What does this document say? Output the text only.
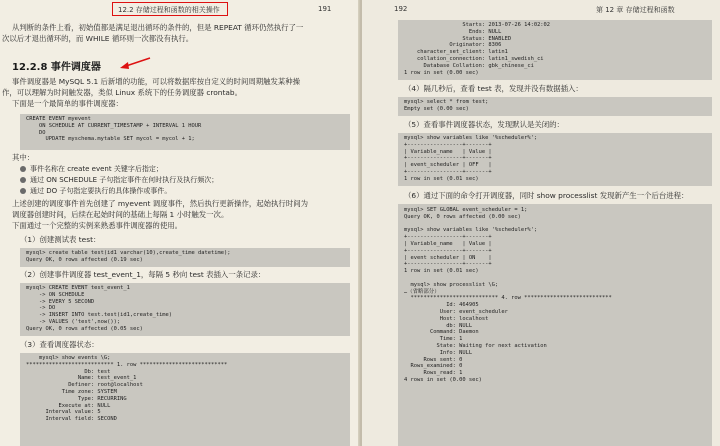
12.2 存储过程和函数的相关操作	191
从判断的条件上看，初始值都是满足退出循环的条件的，但是 REPEAT 循环仍然执行了一
次以后才退出循环的，而 WHILE 循环则一次都没有执行。
12.2.8 事件调度器
事件调度器是 MySQL 5.1 后新增的功能，可以将数据库按自定义的时间周期触发某种操
作，可以理解为时间触发器，类似 Linux 系统下的任务调度器 crontab。
下面是一个最简单的事件调度器：
CREATE EVENT myevent
ON SCHEDULE AT CURRENT_TIMESTAMP + INTERVAL 1 HOUR
DO
UPDATE myschema.mytable SET mycol = mycol + 1;
其中：
事件名称在 create event 关键字后指定；
通过 ON SCHEDULE 子句指定事件在何时执行及执行频次；
通过 DO 子句指定要执行的具体操作或事件。
上述创建的调度事件首先创建了 myevent 调度事件，然后执行更新操作，起始执行时间为
调度器创建时间，后续在起始时间的基础上每隔 1 小时触发一次。
下面通过一个完整的实例来熟悉事件调度器的使用。
（1）创建测试表 test：
mysql> create table test(id1 varchar(10),create_time datetime);
Query OK, 0 rows affected (0.19 sec)
（2）创建事件调度器 test_event_1，每隔 5 秒向 test 表插入一条记录：
mysql> CREATE EVENT test_event_1
-> ON SCHEDULE
-> EVERY 5 SECOND
-> DO
-> INSERT INTO test.test(id1,create_time)
-> VALUES ('test',now());
Query OK, 0 rows affected (0.05 sec)
（3）查看调度器状态：
mysql> show events \G;
*************************** 1. row ***************************
Db: test
Name: test_event_1
Definer: root@localhost
Time zone: SYSTEM
Type: RECURRING
Execute at: NULL
Interval value: 5
Interval field: SECOND
192	第 12 章 存储过程和函数
Starts: 2013-07-26 14:02:02
Ends: NULL
Status: ENABLED
Originator: 8306
character_set_client: latin1
collation_connection: latin1_swedish_ci
Database Collation: gbk_chinese_ci
1 row in set (0.00 sec)
（4）隔几秒后，查看 test 表，发现并没有数据插入：
mysql> select * from test;
Empty set (0.00 sec)
（5）查看事件调度器状态，发现默认是关闭的：
mysql> show variables like '%scheduler%';
+-----------------+-------+
| Variable_name   | Value |
+-----------------+-------+
| event_scheduler | OFF   |
+-----------------+-------+
1 row in set (0.01 sec)
（6）通过下面的命令打开调度器，同时 show processlist 发现新产生一个后台进程：
mysql> SET GLOBAL event_scheduler = 1;
Query OK, 0 rows affected (0.00 sec)
mysql> show variables like '%scheduler%';
+-----------------+-------+
| Variable_name   | Value |
+-----------------+-------+
| event_scheduler | ON    |
+-----------------+-------+
1 row in set (0.01 sec)
mysql> show processlist \G;
…（省略部分）
*************************** 4. row ***************************
Id: 464905
User: event_scheduler
Host: localhost
db: NULL
Command: Daemon
Time: 1
State: Waiting for next activation
Info: NULL
Rows_sent: 0
Rows_examined: 0
Rows_read: 1
4 rows in set (0.00 sec)
